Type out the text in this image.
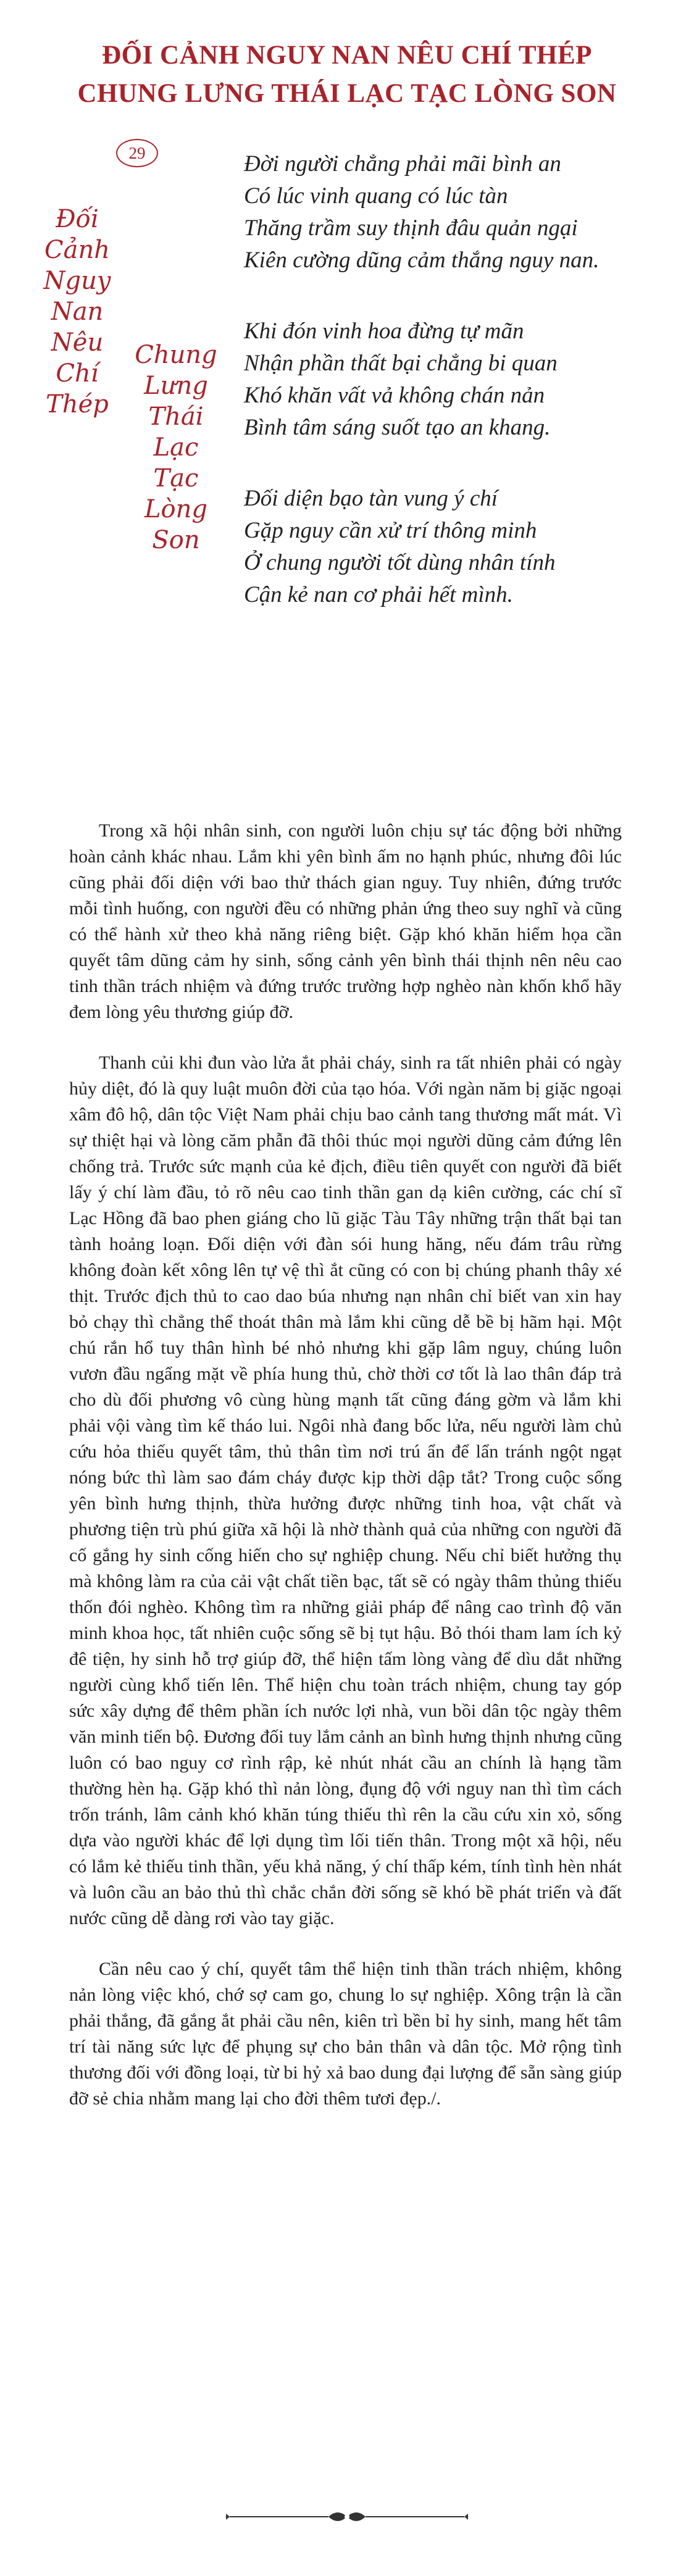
ĐỐI CẢNH NGUY NAN NÊU CHÍ THÉP
CHUNG LƯNG THÁI LẠC TẠC LÒNG SON
29
Đối
Cảnh
Nguy
Nan
Nêu
Chí
Thép
Chung
Lưng
Thái
Lạc
Tạc
Lòng
Son
Đời người chẳng phải mãi bình an
Có lúc vinh quang có lúc tàn
Thăng trầm suy thịnh đâu quản ngại
Kiên cường dũng cảm thắng nguy nan.
Khi đón vinh hoa đừng tự mãn
Nhận phần thất bại chẳng bi quan
Khó khăn vất vả không chán nản
Bình tâm sáng suốt tạo an khang.
Đối diện bạo tàn vung ý chí
Gặp nguy cần xử trí thông minh
Ở chung người tốt dùng nhân tính
Cận kẻ nan cơ phải hết mình.

Trong xã hội nhân sinh, con người luôn chịu sự tác động bởi những hoàn cảnh khác nhau. Lắm khi yên bình ấm no hạnh phúc, nhưng đôi lúc cũng phải đối diện với bao thử thách gian nguy. Tuy nhiên, đứng trước mỗi tình huống, con người đều có những phản ứng theo suy nghĩ và cũng có thể hành xử theo khả năng riêng biệt. Gặp khó khăn hiểm họa cần quyết tâm dũng cảm hy sinh, sống cảnh yên bình thái thịnh nên nêu cao tinh thần trách nhiệm và đứng trước trường hợp nghèo nàn khốn khổ hãy đem lòng yêu thương giúp đỡ.

Thanh củi khi đun vào lửa ắt phải cháy, sinh ra tất nhiên phải có ngày hủy diệt, đó là quy luật muôn đời của tạo hóa. Với ngàn năm bị giặc ngoại xâm đô hộ, dân tộc Việt Nam phải chịu bao cảnh tang thương mất mát. Vì sự thiệt hại và lòng căm phẫn đã thôi thúc mọi người dũng cảm đứng lên chống trả. Trước sức mạnh của kẻ địch, điều tiên quyết con người đã biết lấy ý chí làm đầu, tỏ rõ nêu cao tinh thần gan dạ kiên cường, các chí sĩ Lạc Hồng đã bao phen giáng cho lũ giặc Tàu Tây những trận thất bại tan tành hoảng loạn. Đối diện với đàn sói hung hăng, nếu đám trâu rừng không đoàn kết xông lên tự vệ thì ắt cũng có con bị chúng phanh thây xé thịt. Trước địch thủ to cao dao búa nhưng nạn nhân chỉ biết van xin hay bỏ chạy thì chẳng thể thoát thân mà lắm khi cũng dễ bề bị hãm hại. Một chú rắn hổ tuy thân hình bé nhỏ nhưng khi gặp lâm nguy, chúng luôn vươn đầu ngẩng mặt về phía hung thủ, chờ thời cơ tốt là lao thân đáp trả cho dù đối phương vô cùng hùng mạnh tất cũng đáng gờm và lắm khi phải vội vàng tìm kế tháo lui. Ngôi nhà đang bốc lửa, nếu người làm chủ cứu hỏa thiếu quyết tâm, thủ thân tìm nơi trú ẩn để lẩn tránh ngột ngạt nóng bức thì làm sao đám cháy được kịp thời dập tắt? Trong cuộc sống yên bình hưng thịnh, thừa hưởng được những tinh hoa, vật chất và phương tiện trù phú giữa xã hội là nhờ thành quả của những con người đã cố gắng hy sinh cống hiến cho sự nghiệp chung. Nếu chỉ biết hưởng thụ mà không làm ra của cải vật chất tiền bạc, tất sẽ có ngày thâm thủng thiếu thốn đói nghèo. Không tìm ra những giải pháp để nâng cao trình độ văn minh khoa học, tất nhiên cuộc sống sẽ bị tụt hậu. Bỏ thói tham lam ích kỷ đê tiện, hy sinh hỗ trợ giúp đỡ, thể hiện tấm lòng vàng để dìu dắt những người cùng khổ tiến lên. Thể hiện chu toàn trách nhiệm, chung tay góp sức xây dựng để thêm phần ích nước lợi nhà, vun bồi dân tộc ngày thêm văn minh tiến bộ. Đương đối tuy lắm cảnh an bình hưng thịnh nhưng cũng luôn có bao nguy cơ rình rập, kẻ nhút nhát cầu an chính là hạng tầm thường hèn hạ. Gặp khó thì nản lòng, đụng độ với nguy nan thì tìm cách trốn tránh, lâm cảnh khó khăn túng thiếu thì rên la cầu cứu xin xỏ, sống dựa vào người khác để lợi dụng tìm lối tiến thân. Trong một xã hội, nếu có lắm kẻ thiếu tinh thần, yếu khả năng, ý chí thấp kém, tính tình hèn nhát và luôn cầu an bảo thủ thì chắc chắn đời sống sẽ khó bề phát triển và đất nước cũng dễ dàng rơi vào tay giặc.

Cần nêu cao ý chí, quyết tâm thể hiện tinh thần trách nhiệm, không nản lòng việc khó, chớ sợ cam go, chung lo sự nghiệp. Xông trận là cần phải thắng, đã gắng ắt phải cầu nên, kiên trì bền bỉ hy sinh, mang hết tâm trí tài năng sức lực để phụng sự cho bản thân và dân tộc. Mở rộng tình thương đối với đồng loại, từ bi hỷ xả bao dung đại lượng để sẵn sàng giúp đỡ sẻ chia nhằm mang lại cho đời thêm tươi đẹp./.
